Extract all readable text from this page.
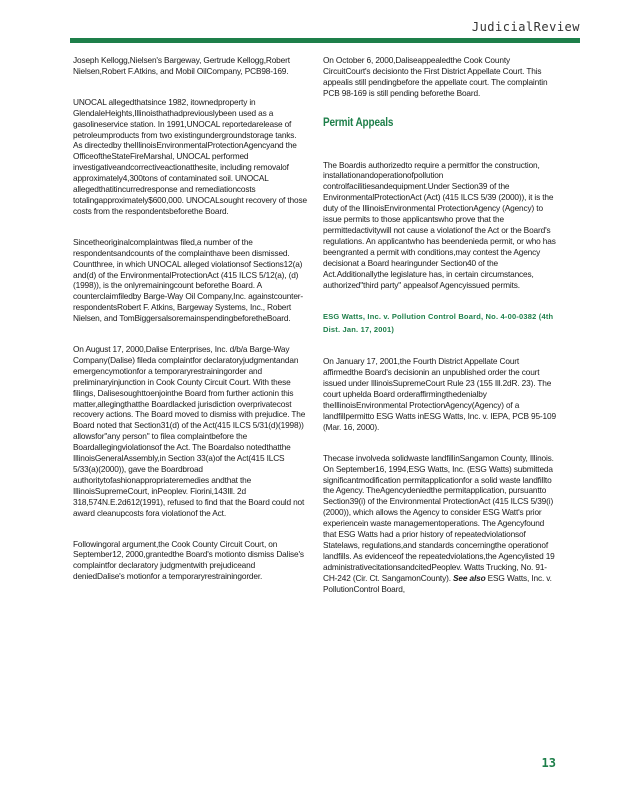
JudicialReview

Joseph Kellogg,Nielsen's Bargeway, Gertrude Kellogg,Robert Nielsen,Robert F.Atkins, and Mobil OilCompany, PCB98-169.

UNOCAL allegedthatsince 1982, itownedproperty in GlendaleHeights,Illinoisthathadpreviouslybeen used as a gasolineservice station. In 1991,UNOCAL reportedarelease of petroleumproducts from two existingundergroundstorage tanks. As directedby theIllinoisEnvironmentalProtectionAgencyand the OfficeoftheStateFireMarshal, UNOCAL performed investigativeandcorrectiveactionatthesite, including removalof approximately4,300tons of contaminated soil. UNOCAL allegedthatitincurredresponse and remediationcosts totalingapproximately$600,000. UNOCALsought recovery of those costs from the respondentsbeforethe Board.

Sincetheoriginalcomplaintwas filed,a number of the respondentsandcounts of the complainthave been dismissed. Countthree, in which UNOCAL alleged violationsof Sections12(a) and(d) of the EnvironmentalProtectionAct (415 ILCS 5/12(a), (d) (1998)), is the onlyremainingcount beforethe Board. A counterclaimfiledby Barge-Way Oil Company,Inc. againstcounter-respondentsRobert F. Atkins, Bargeway Systems, Inc., Robert Nielsen, and TomBiggersalsoremainspendingbeforetheBoard.

On August 17, 2000,Dalise Enterprises, Inc. d/b/a Barge-Way Company(Dalise) fileda complaintfor declaratoryjudgmentandan emergencymotionfor a temporaryrestrainingorder and preliminaryinjunction in Cook County Circuit Court. With these filings, Dalisesoughttoenjointhe Board from further actionin this matter,allegingthatthe Boardlacked jurisdiction overprivatecost recovery actions. The Board moved to dismiss with prejudice. The Board noted that Section31(d) of the Act(415 ILCS 5/31(d)(1998)) allowsfor"any person" to filea complaintbefore the Boardallegingviolationsof the Act. The Boardalso notedthatthe IllinoisGeneralAssembly,in Section 33(a)of the Act(415 ILCS 5/33(a)(2000)), gave the Boardbroad authoritytofashionappropriateremedies andthat the IllinoisSupremeCourt, inPeoplev. Fiorini,143Ill. 2d 318,574N.E.2d612(1991), refused to find that the Board could not award cleanupcosts fora violationof the Act.

Followingoral argument,the Cook County Circuit Court, on September12, 2000,grantedthe Board's motionto dismiss Dalise's complaintfor declaratory judgmentwith prejudiceand deniedDalise's motionfor a temporaryrestrainingorder.

On October 6, 2000,Daliseappealedthe Cook County CircuitCourt's decisionto the First District Appellate Court. This appealis still pendingbefore the appellate court. The complaintin PCB 98-169 is still pending beforethe Board.

Permit Appeals

The Boardis authorizedto require a permitfor the construction, installationandoperationofpollution controlfacilitiesandequipment.Under Section39 of the EnvironmentalProtectionAct (Act) (415 ILCS 5/39 (2000)), it is the duty of the IllinoisEnvironmental ProtectionAgency (Agency) to issue permits to those applicantswho prove that the permittedactivitywill not cause a violationof the Act or the Board's regulations. An applicantwho has beendenieda permit, or who has beengranted a permit with conditions,may contest the Agency decisionat a Board hearingunder Section40 of the Act.Additionallythe legislature has, in certain circumstances, authorized"third party" appealsof Agencyissued permits.

ESG Watts, Inc. v. Pollution Control Board, No. 4-00-0382 (4th Dist. Jan. 17, 2001)

On January 17, 2001,the Fourth District Appellate Court affirmedthe Board's decisionin an unpublished order the court issued under IllinoisSupremeCourt Rule 23 (155 Ill.2dR. 23). The court upheldа Board orderaffirmingthedenialby theIllinoisEnvironmental ProtectionAgency(Agency) of a landfillpermitto ESG Watts inESG Watts, Inc. v. IEPA, PCB 95-109 (Mar. 16, 2000).

Thecase involveda solidwaste landfillinSangamon County, Illinois. On September16, 1994,ESG Watts, Inc. (ESG Watts) submitteda significantmodification permitapplicationfor a solid waste landfillto the Agency. TheAgencydeniedthe permitapplication, pursuantto Section39(i) of the Environmental ProtectionAct (415 ILCS 5/39(i)(2000)), which allows the Agency to consider ESG Watt's prior experiencein waste managementoperations. The Agencyfound that ESG Watts had a prior history of repeatedviolationsof Statelaws, regulations,and standards concerningthe operationof landfills. As evidenceof the repeatedviolations,the Agencylisted 19 administrativecitationsandcitedPeoplev. Watts Trucking, No. 91-CH-242 (Cir. Ct. SangamonCounty). See also ESG Watts, Inc. v. PollutionControl Board,

13
